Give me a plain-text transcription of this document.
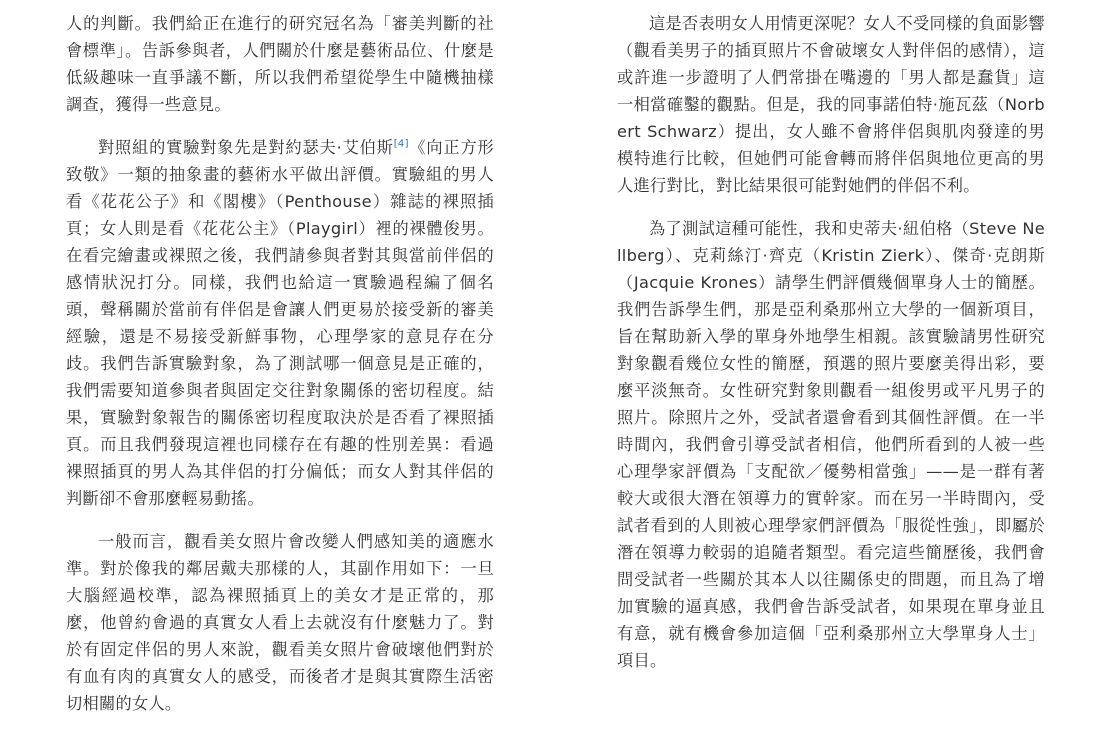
人的判斷。我們給正在進行的研究冠名為「審美判斷的社會標準」。告訴參與者，人們關於什麼是藝術品位、什麼是低級趣味一直爭議不斷，所以我們希望從學生中隨機抽樣調查，獲得一些意見。

對照組的實驗對象先是對約瑟夫·艾伯斯[4]《向正方形致敬》一類的抽象畫的藝術水平做出評價。實驗組的男人看《花花公子》和《閣樓》（Penthouse）雜誌的裸照插頁；女人則是看《花花公主》（Playgirl）裡的裸體俊男。在看完繪畫或裸照之後，我們請參與者對其與當前伴侶的感情狀況打分。同樣，我們也給這一實驗過程編了個名頭，聲稱關於當前有伴侶是會讓人們更易於接受新的審美經驗，還是不易接受新鮮事物，心理學家的意見存在分歧。我們告訴實驗對象，為了測試哪一個意見是正確的，我們需要知道參與者與固定交往對象關係的密切程度。結果，實驗對象報告的關係密切程度取決於是否看了裸照插頁。而且我們發現這裡也同樣存在有趣的性別差異：看過裸照插頁的男人為其伴侶的打分偏低；而女人對其伴侶的判斷卻不會那麼輕易動搖。

一般而言，觀看美女照片會改變人們感知美的適應水準。對於像我的鄰居戴夫那樣的人，其副作用如下：一旦大腦經過校準，認為裸照插頁上的美女才是正常的，那麼，他曾約會過的真實女人看上去就沒有什麼魅力了。對於有固定伴侶的男人來說，觀看美女照片會破壞他們對於有血有肉的真實女人的感受，而後者才是與其實際生活密切相關的女人。

這是否表明女人用情更深呢？女人不受同樣的負面影響（觀看美男子的插頁照片不會破壞女人對伴侶的感情），這或許進一步證明了人們常掛在嘴邊的「男人都是蠢貨」這一相當確鑿的觀點。但是，我的同事諾伯特·施瓦茲（Norbert Schwarz）提出，女人雖不會將伴侶與肌肉發達的男模特進行比較，但她們可能會轉而將伴侶與地位更高的男人進行對比，對比結果很可能對她們的伴侶不利。

為了測試這種可能性，我和史蒂夫·紐伯格（Steve Nellberg）、克莉絲汀·齊克（Kristin Zierk）、傑奇·克朗斯（Jacquie Krones）請學生們評價幾個單身人士的簡歷。我們告訴學生們，那是亞利桑那州立大學的一個新項目，旨在幫助新入學的單身外地學生相親。該實驗請男性研究對象觀看幾位女性的簡歷，預選的照片要麼美得出彩，要麼平淡無奇。女性研究對象則觀看一組俊男或平凡男子的照片。除照片之外，受試者還會看到其個性評價。在一半時間內，我們會引導受試者相信，他們所看到的人被一些心理學家評價為「支配欲／優勢相當強」——是一群有著較大或很大潛在領導力的實幹家。而在另一半時間內，受試者看到的人則被心理學家們評價為「服從性強」，即屬於潛在領導力較弱的追隨者類型。看完這些簡歷後，我們會問受試者一些關於其本人以往關係史的問題，而且為了增加實驗的逼真感，我們會告訴受試者，如果現在單身並且有意，就有機會參加這個「亞利桑那州立大學單身人士」項目。
